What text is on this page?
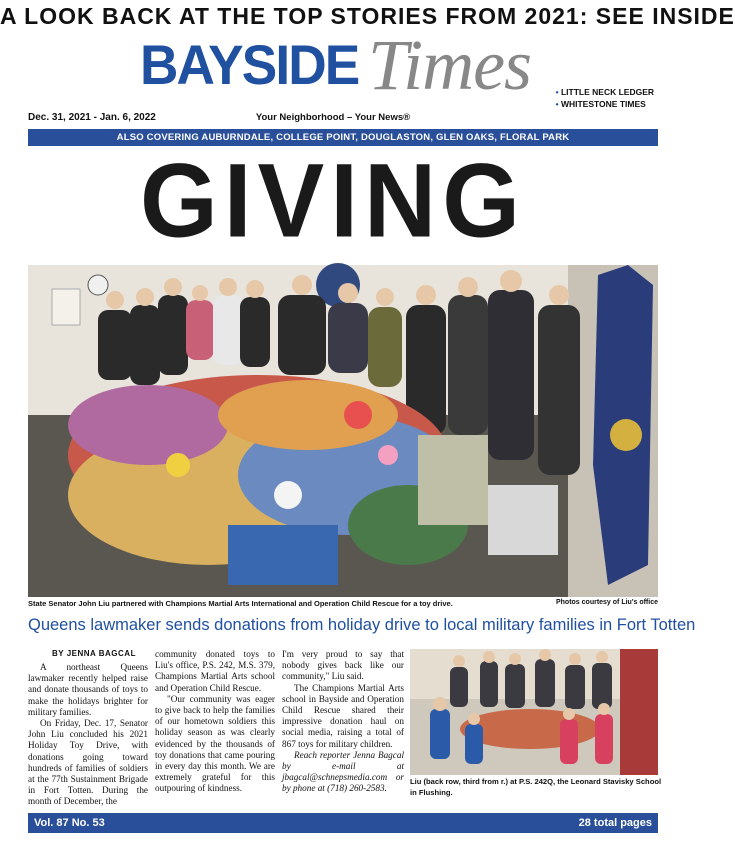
A LOOK BACK AT THE TOP STORIES FROM 2021: SEE INSIDE
BAYSIDE Times	• LITTLE NECK LEDGER
• WHITESTONE TIMES
Dec. 31, 2021 - Jan. 6, 2022	Your Neighborhood – Your News®
ALSO COVERING AUBURNDALE, COLLEGE POINT, DOUGLASTON, GLEN OAKS, FLORAL PARK
GIVING
State Senator John Liu partnered with Champions Martial Arts International and Operation Child Rescue for a toy drive.	Photos courtesy of Liu's office
Queens lawmaker sends donations from holiday drive to local military families in Fort Totten
BY JENNA BAGCAL

A northeast Queens lawmaker recently helped raise and donate thousands of toys to make the holidays brighter for military families.

On Friday, Dec. 17, Senator John Liu concluded his 2021 Holiday Toy Drive, with donations going toward hundreds of families of soldiers at the 77th Sustainment Brigade in Fort Totten. During the month of December, the

community donated toys to Liu's office, P.S. 242, M.S. 379, Champions Martial Arts school and Operation Child Rescue.

"Our community was eager to give back to help the families of our hometown soldiers this holiday season as was clearly evidenced by the thousands of toy donations that came pouring in every day this month. We are extremely grateful for this outpouring of kindness.

I'm very proud to say that nobody gives back like our community," Liu said.

The Champions Martial Arts school in Bayside and Operation Child Rescue shared their impressive donation haul on social media, raising a total of 867 toys for military children.

Reach reporter Jenna Bagcal by e-mail at jbagcal@schnepsmedia.com or by phone at (718) 260-2583.

Liu (back row, third from r.) at P.S. 242Q, the Leonard Stavisky School in Flushing.
Vol. 87 No. 53	28 total pages
